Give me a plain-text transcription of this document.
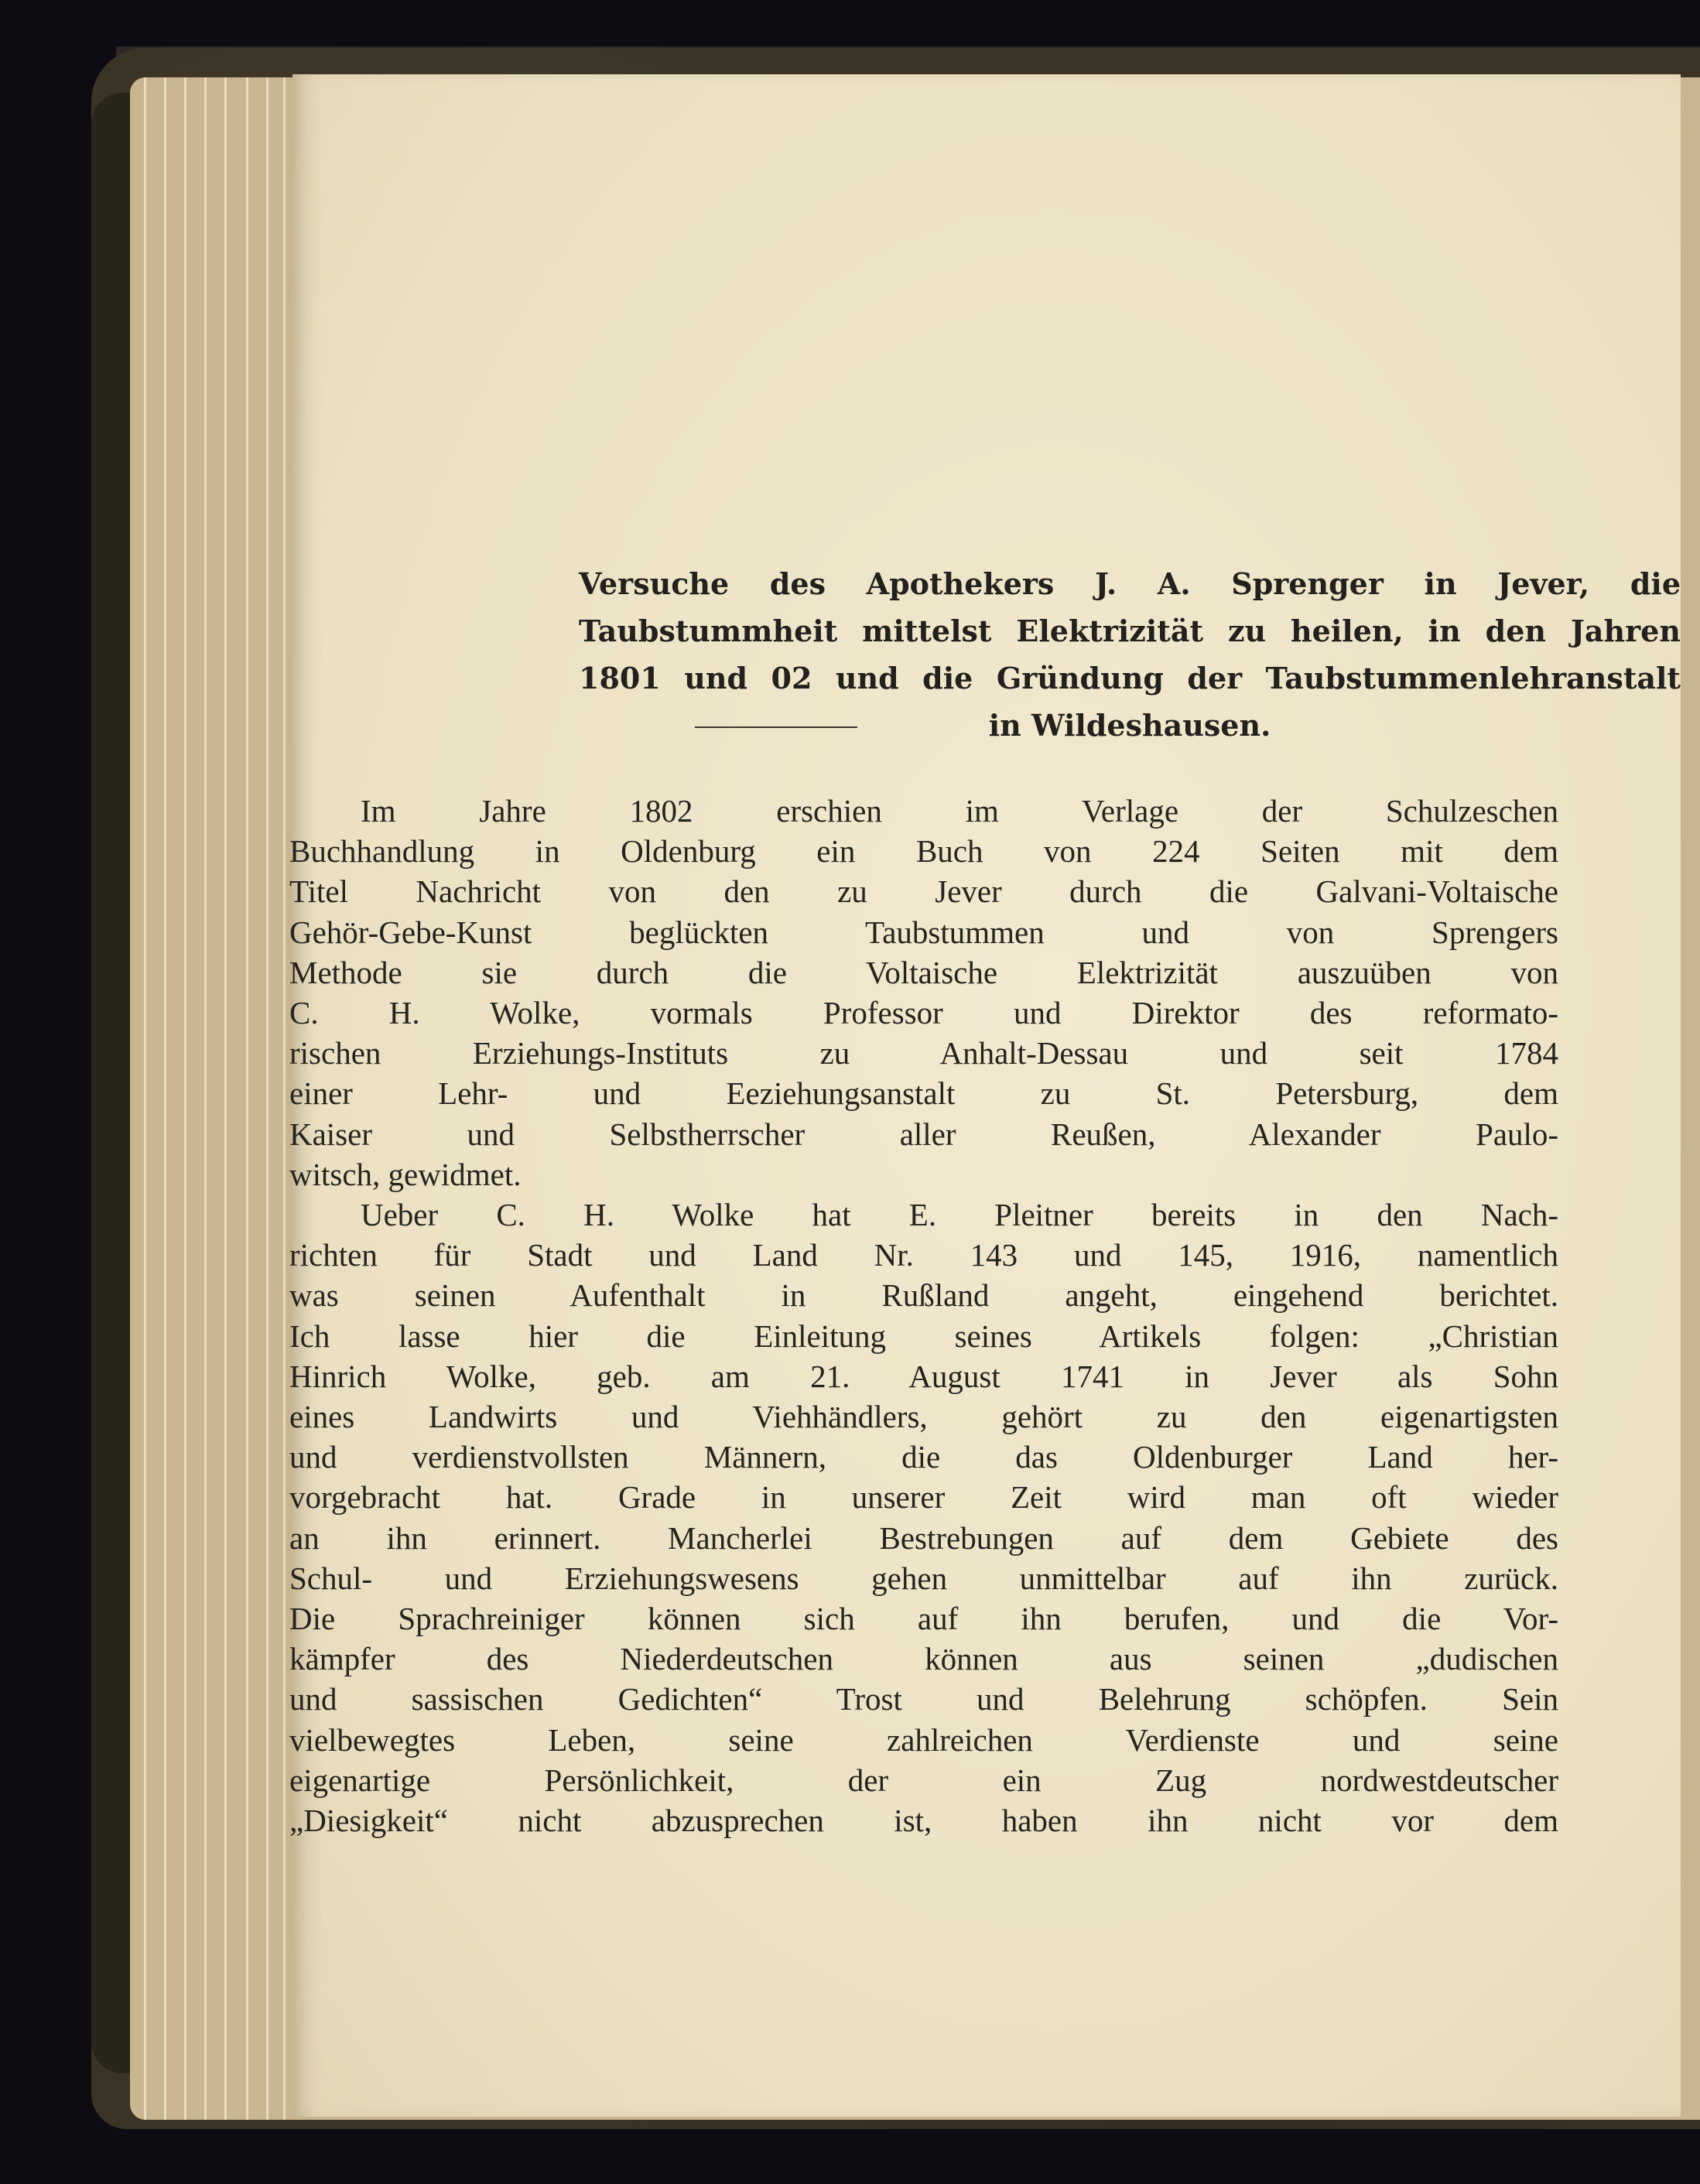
Versuche des Apothekers J. A. Sprenger in Jever, die
Taubstummheit mittelst Elektrizität zu heilen, in den Jahren
1801 und 02 und die Gründung der Taubstummenlehranstalt
in Wildeshausen.
Im Jahre 1802 erschien im Verlage der Schulzeschen
Buchhandlung in Oldenburg ein Buch von 224 Seiten mit dem
Titel Nachricht von den zu Jever durch die Galvani-Voltaische
Gehör-Gebe-Kunst beglückten Taubstummen und von Sprengers
Methode sie durch die Voltaische Elektrizität auszuüben von
C. H. Wolke, vormals Professor und Direktor des reformato-
rischen Erziehungs-Instituts zu Anhalt-Dessau und seit 1784
einer Lehr- und Eeziehungsanstalt zu St. Petersburg, dem
Kaiser und Selbstherrscher aller Reußen, Alexander Paulo-
witsch, gewidmet.
Ueber C. H. Wolke hat E. Pleitner bereits in den Nach-
richten für Stadt und Land Nr. 143 und 145, 1916, namentlich
was seinen Aufenthalt in Rußland angeht, eingehend berichtet.
Ich lasse hier die Einleitung seines Artikels folgen: „Christian
Hinrich Wolke, geb. am 21. August 1741 in Jever als Sohn
eines Landwirts und Viehhändlers, gehört zu den eigenartigsten
und verdienstvollsten Männern, die das Oldenburger Land her-
vorgebracht hat. Grade in unserer Zeit wird man oft wieder
an ihn erinnert. Mancherlei Bestrebungen auf dem Gebiete des
Schul- und Erziehungswesens gehen unmittelbar auf ihn zurück.
Die Sprachreiniger können sich auf ihn berufen, und die Vor-
kämpfer des Niederdeutschen können aus seinen „dudischen
und sassischen Gedichten“ Trost und Belehrung schöpfen. Sein
vielbewegtes Leben, seine zahlreichen Verdienste und seine
eigenartige Persönlichkeit, der ein Zug nordwestdeutscher
„Diesigkeit“ nicht abzusprechen ist, haben ihn nicht vor dem
